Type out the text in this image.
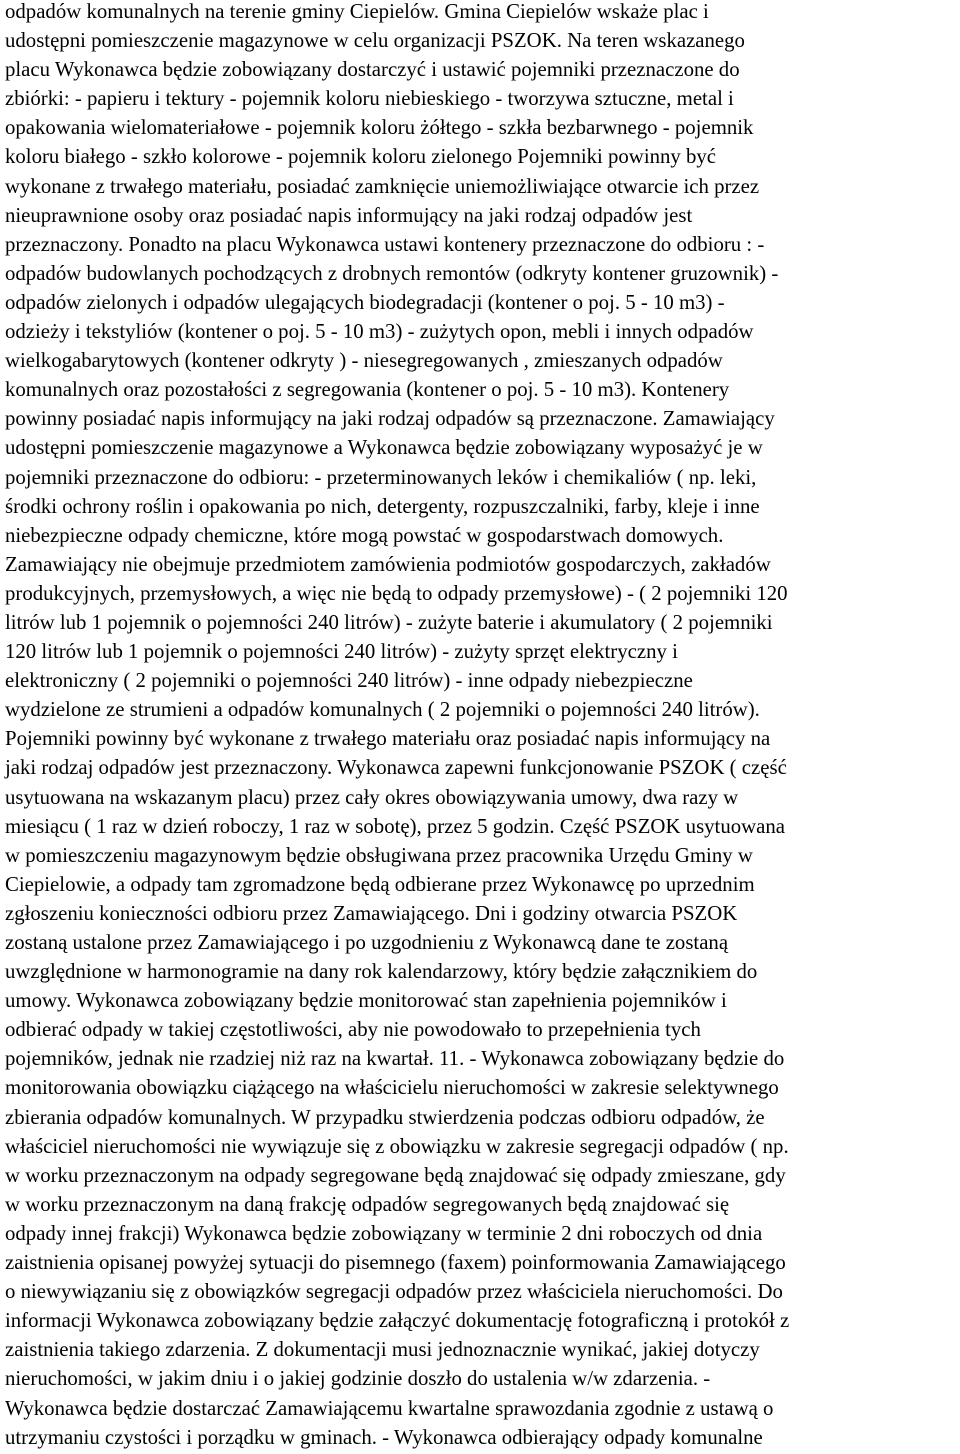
odpadów komunalnych na terenie gminy Ciepielów. Gmina Ciepielów wskaże plac i
udostępni pomieszczenie magazynowe w celu organizacji PSZOK. Na teren wskazanego
placu Wykonawca będzie zobowiązany dostarczyć i ustawić pojemniki przeznaczone do
zbiórki: - papieru i tektury - pojemnik koloru niebieskiego - tworzywa sztuczne, metal i
opakowania wielomateriałowe - pojemnik koloru żółtego - szkła bezbarwnego - pojemnik
koloru białego - szkło kolorowe - pojemnik koloru zielonego Pojemniki powinny być
wykonane z trwałego materiału, posiadać zamknięcie uniemożliwiające otwarcie ich przez
nieuprawnione osoby oraz posiadać napis informujący na jaki rodzaj odpadów jest
przeznaczony. Ponadto na placu Wykonawca ustawi kontenery przeznaczone do odbioru : -
odpadów budowlanych pochodzących z drobnych remontów (odkryty kontener gruzownik) -
odpadów zielonych i odpadów ulegających biodegradacji (kontener o poj. 5 - 10 m3) -
odzieży i tekstyliów (kontener o poj. 5 - 10 m3) - zużytych opon, mebli i innych odpadów
wielkogabarytowych (kontener odkryty ) - niesegregowanych , zmieszanych odpadów
komunalnych oraz pozostałości z segregowania (kontener o poj. 5 - 10 m3). Kontenery
powinny posiadać napis informujący na jaki rodzaj odpadów są przeznaczone. Zamawiający
udostępni pomieszczenie magazynowe a Wykonawca będzie zobowiązany wyposażyć je w
pojemniki przeznaczone do odbioru: - przeterminowanych leków i chemikaliów ( np. leki,
środki ochrony roślin i opakowania po nich, detergenty, rozpuszczalniki, farby, kleje i inne
niebezpieczne odpady chemiczne, które mogą powstać w gospodarstwach domowych.
Zamawiający nie obejmuje przedmiotem zamówienia podmiotów gospodarczych, zakładów
produkcyjnych, przemysłowych, a więc nie będą to odpady przemysłowe) - ( 2 pojemniki 120
litrów lub 1 pojemnik o pojemności 240 litrów) - zużyte baterie i akumulatory ( 2 pojemniki
120 litrów lub 1 pojemnik o pojemności 240 litrów) - zużyty sprzęt elektryczny i
elektroniczny ( 2 pojemniki o pojemności 240 litrów) - inne odpady niebezpieczne
wydzielone ze strumieni a odpadów komunalnych ( 2 pojemniki o pojemności 240 litrów).
Pojemniki powinny być wykonane z trwałego materiału oraz posiadać napis informujący na
jaki rodzaj odpadów jest przeznaczony. Wykonawca zapewni funkcjonowanie PSZOK ( część
usytuowana na wskazanym placu) przez cały okres obowiązywania umowy, dwa razy w
miesiącu ( 1 raz w dzień roboczy, 1 raz w sobotę), przez 5 godzin. Część PSZOK usytuowana
w pomieszczeniu magazynowym będzie obsługiwana przez pracownika Urzędu Gminy w
Ciepielowie, a odpady tam zgromadzone będą odbierane przez Wykonawcę po uprzednim
zgłoszeniu konieczności odbioru przez Zamawiającego. Dni i godziny otwarcia PSZOK
zostaną ustalone przez Zamawiającego i po uzgodnieniu z Wykonawcą dane te zostaną
uwzględnione w harmonogramie na dany rok kalendarzowy, który będzie załącznikiem do
umowy. Wykonawca zobowiązany będzie monitorować stan zapełnienia pojemników i
odbierać odpady w takiej częstotliwości, aby nie powodowało to przepełnienia tych
pojemników, jednak nie rzadziej niż raz na kwartał. 11. - Wykonawca zobowiązany będzie do
monitorowania obowiązku ciążącego na właścicielu nieruchomości w zakresie selektywnego
zbierania odpadów komunalnych. W przypadku stwierdzenia podczas odbioru odpadów, że
właściciel nieruchomości nie wywiązuje się z obowiązku w zakresie segregacji odpadów ( np.
w worku przeznaczonym na odpady segregowane będą znajdować się odpady zmieszane, gdy
w worku przeznaczonym na daną frakcję odpadów segregowanych będą znajdować się
odpady innej frakcji) Wykonawca będzie zobowiązany w terminie 2 dni roboczych od dnia
zaistnienia opisanej powyżej sytuacji do pisemnego (faxem) poinformowania Zamawiającego
o niewywiązaniu się z obowiązków segregacji odpadów przez właściciela nieruchomości. Do
informacji Wykonawca zobowiązany będzie załączyć dokumentację fotograficzną i protokół z
zaistnienia takiego zdarzenia. Z dokumentacji musi jednoznacznie wynikać, jakiej dotyczy
nieruchomości, w jakim dniu i o jakiej godzinie doszło do ustalenia w/w zdarzenia. -
Wykonawca będzie dostarczać Zamawiającemu kwartalne sprawozdania zgodnie z ustawą o
utrzymaniu czystości i porządku w gminach. - Wykonawca odbierający odpady komunalne
